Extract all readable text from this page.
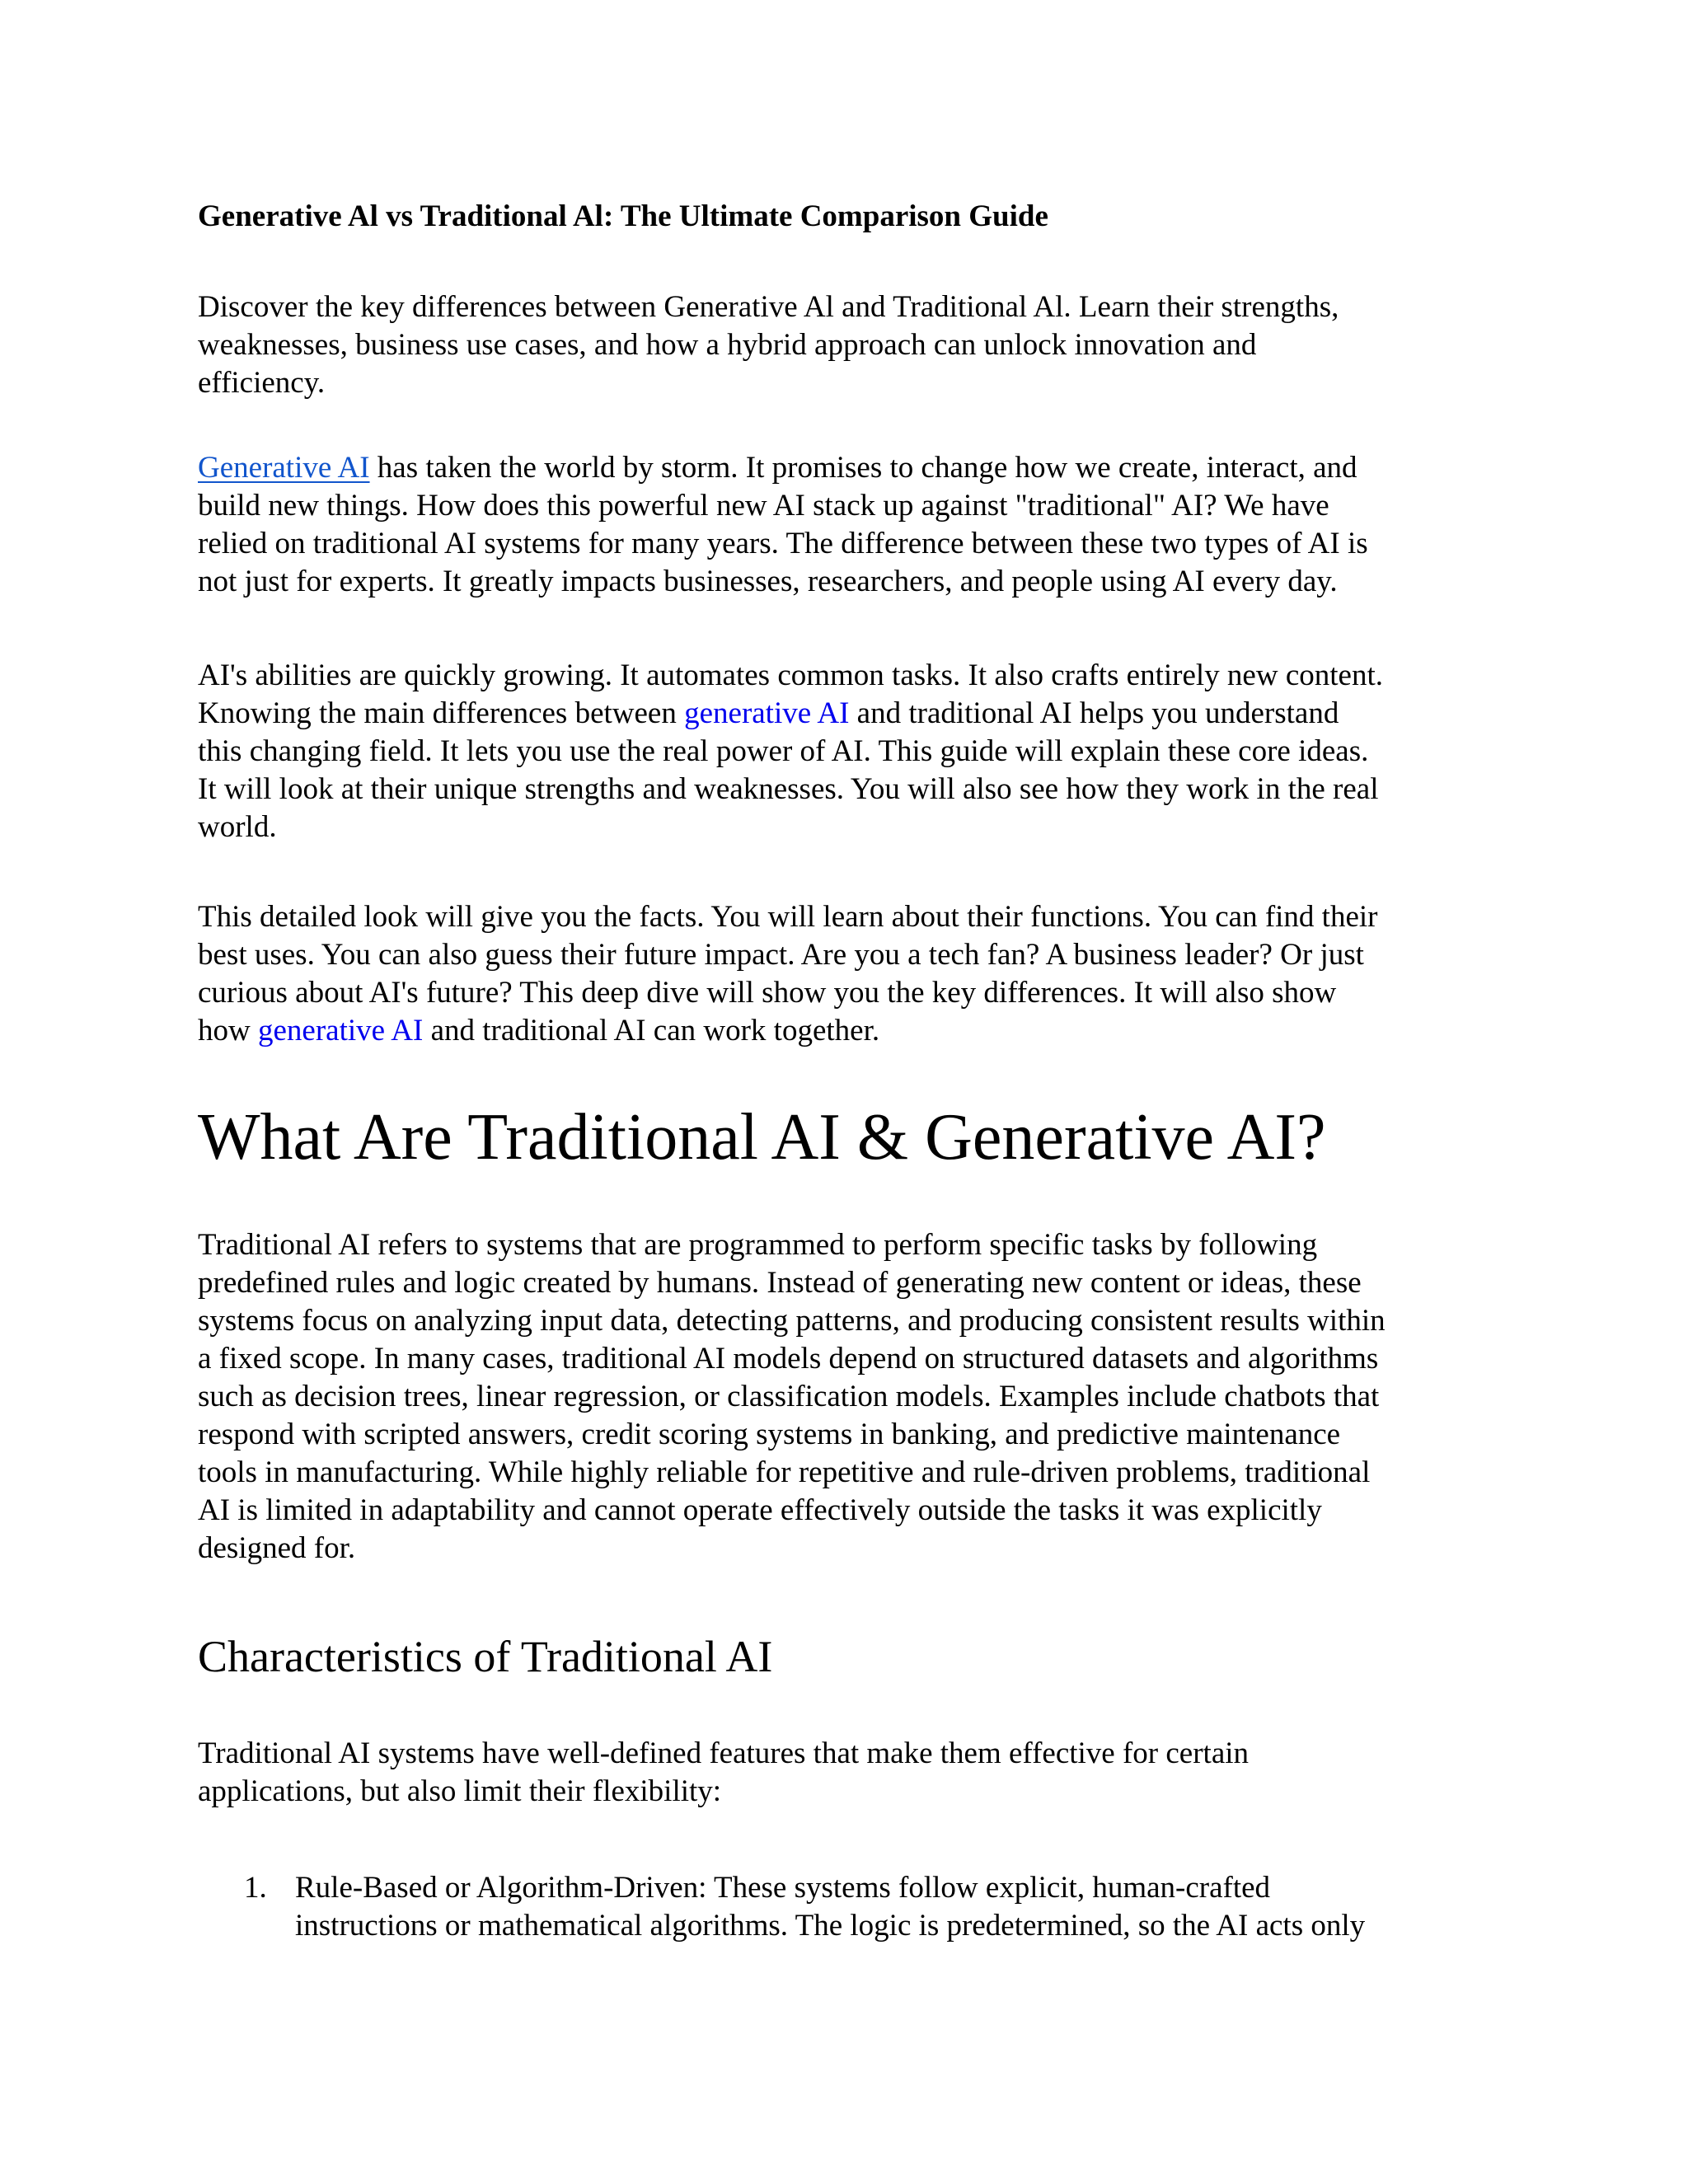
Generative Al vs Traditional Al: The Ultimate Comparison Guide

Discover the key differences between Generative Al and Traditional Al. Learn their strengths,
weaknesses, business use cases, and how a hybrid approach can unlock innovation and
efficiency.

Generative AI has taken the world by storm. It promises to change how we create, interact, and
build new things. How does this powerful new AI stack up against "traditional" AI? We have
relied on traditional AI systems for many years. The difference between these two types of AI is
not just for experts. It greatly impacts businesses, researchers, and people using AI every day.

AI's abilities are quickly growing. It automates common tasks. It also crafts entirely new content.
Knowing the main differences between generative AI and traditional AI helps you understand
this changing field. It lets you use the real power of AI. This guide will explain these core ideas.
It will look at their unique strengths and weaknesses. You will also see how they work in the real
world.

This detailed look will give you the facts. You will learn about their functions. You can find their
best uses. You can also guess their future impact. Are you a tech fan? A business leader? Or just
curious about AI's future? This deep dive will show you the key differences. It will also show
how generative AI and traditional AI can work together.

What Are Traditional AI & Generative AI?

Traditional AI refers to systems that are programmed to perform specific tasks by following
predefined rules and logic created by humans. Instead of generating new content or ideas, these
systems focus on analyzing input data, detecting patterns, and producing consistent results within
a fixed scope. In many cases, traditional AI models depend on structured datasets and algorithms
such as decision trees, linear regression, or classification models. Examples include chatbots that
respond with scripted answers, credit scoring systems in banking, and predictive maintenance
tools in manufacturing. While highly reliable for repetitive and rule-driven problems, traditional
AI is limited in adaptability and cannot operate effectively outside the tasks it was explicitly
designed for.

Characteristics of Traditional AI

Traditional AI systems have well-defined features that make them effective for certain
applications, but also limit their flexibility:

1. Rule-Based or Algorithm-Driven: These systems follow explicit, human-crafted
instructions or mathematical algorithms. The logic is predetermined, so the AI acts only
